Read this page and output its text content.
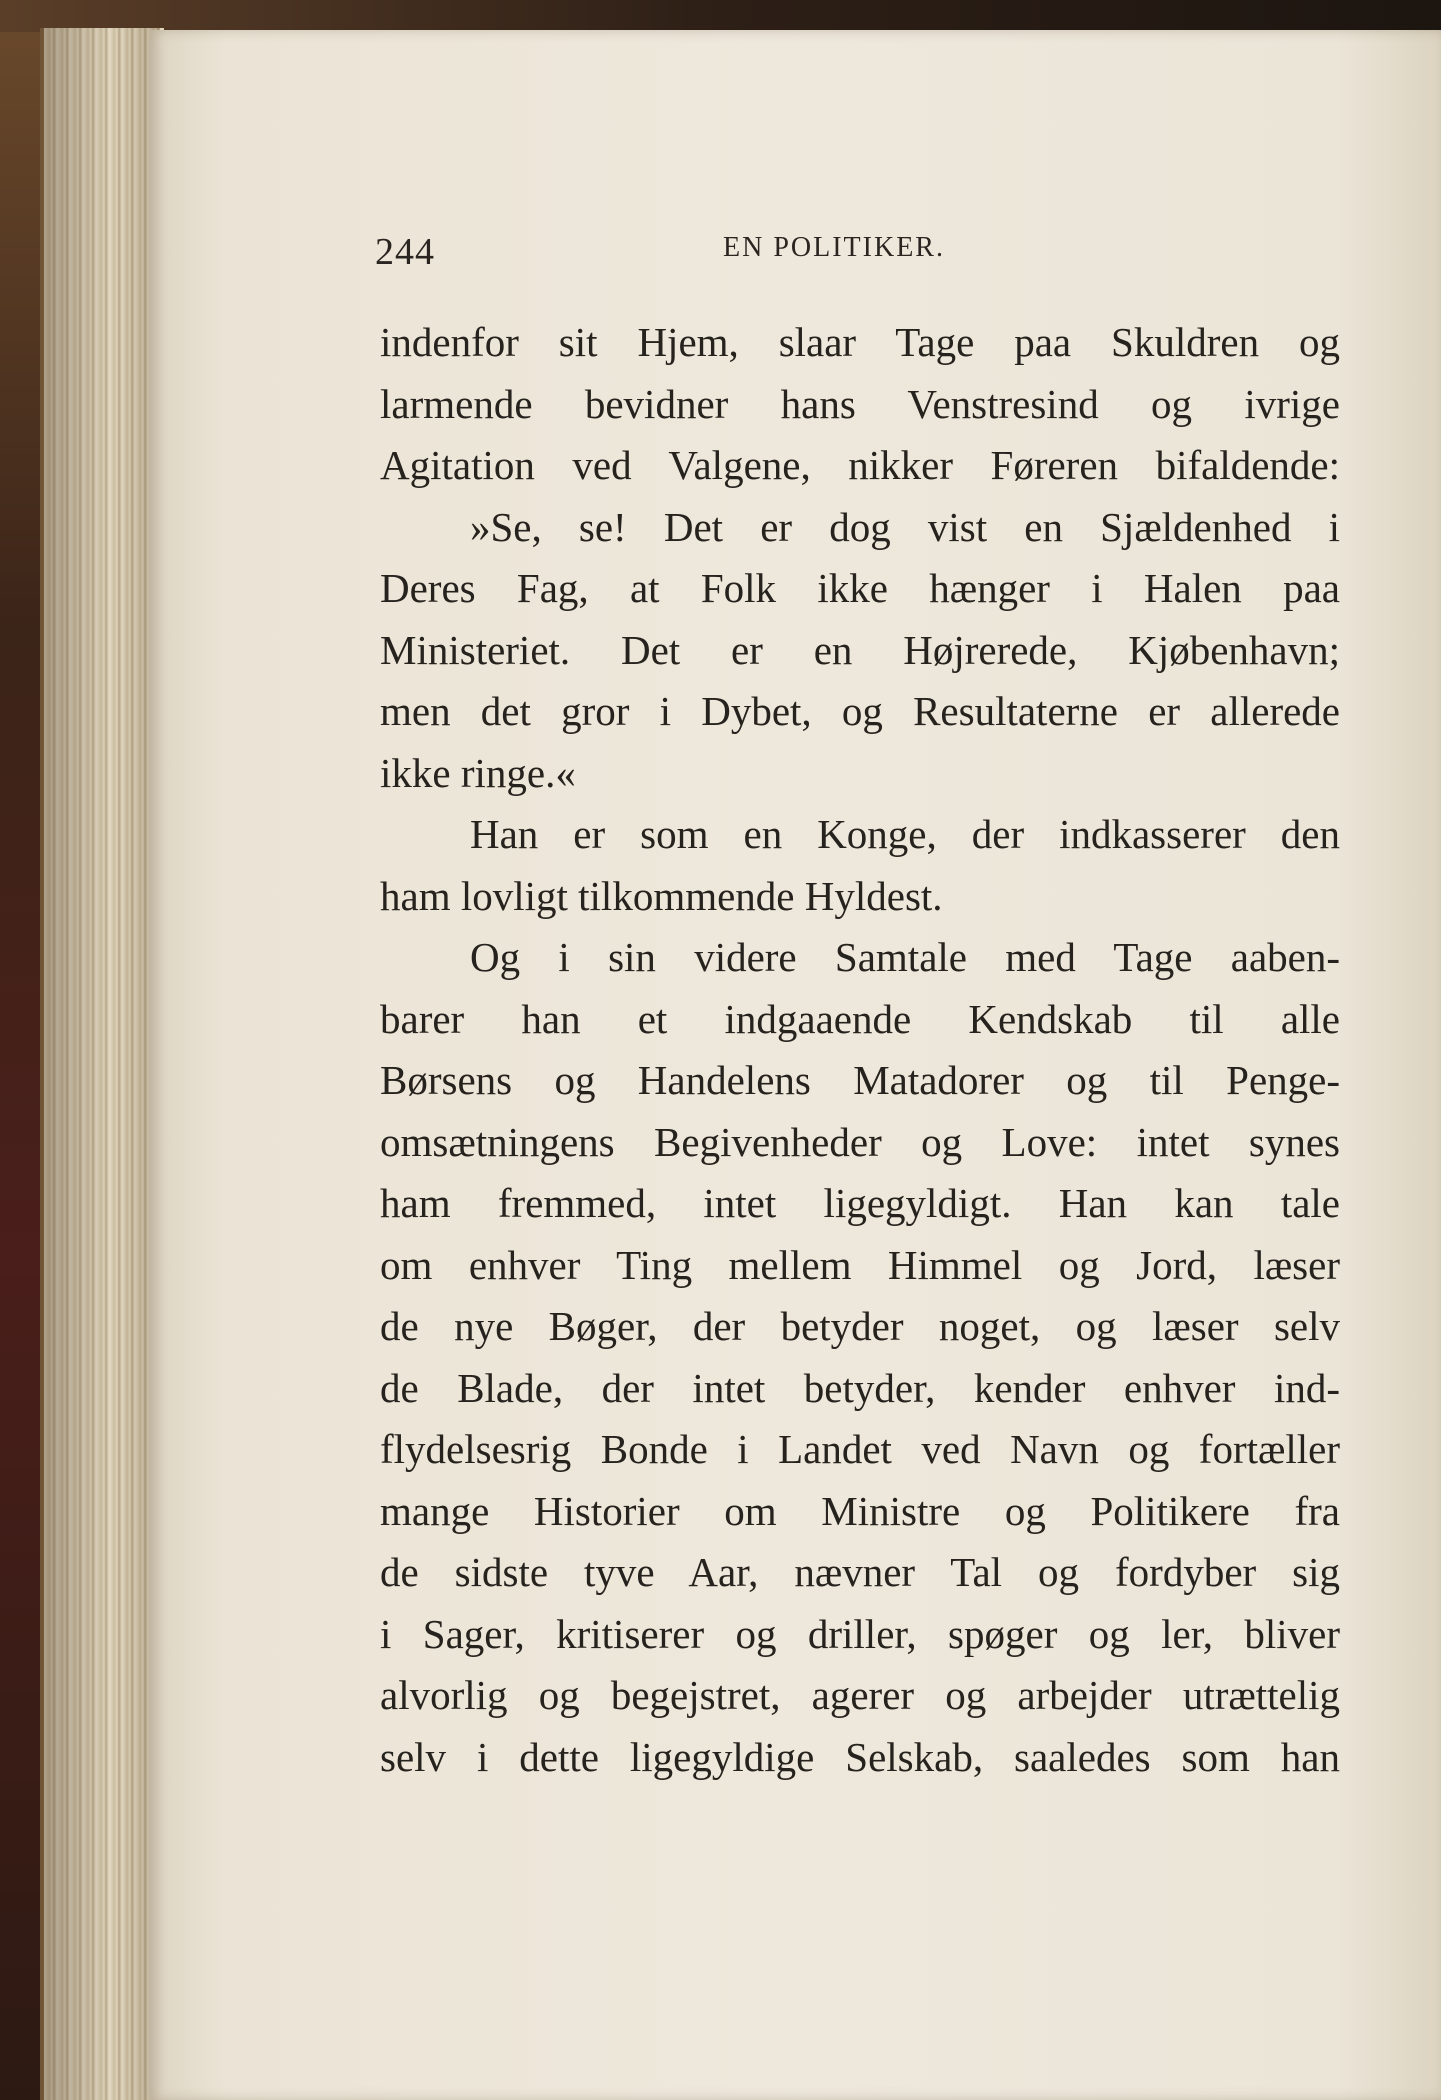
244	EN POLITIKER.
indenfor sit Hjem, slaar Tage paa Skuldren og
larmende bevidner hans Venstresind og ivrige
Agitation ved Valgene, nikker Føreren bifaldende:
»Se, se! Det er dog vist en Sjældenhed i
Deres Fag, at Folk ikke hænger i Halen paa
Ministeriet. Det er en Højrerede, Kjøbenhavn;
men det gror i Dybet, og Resultaterne er allerede
ikke ringe.«
Han er som en Konge, der indkasserer den
ham lovligt tilkommende Hyldest.
Og i sin videre Samtale med Tage aaben-
barer han et indgaaende Kendskab til alle
Børsens og Handelens Matadorer og til Penge-
omsætningens Begivenheder og Love: intet synes
ham fremmed, intet ligegyldigt. Han kan tale
om enhver Ting mellem Himmel og Jord, læser
de nye Bøger, der betyder noget, og læser selv
de Blade, der intet betyder, kender enhver ind-
flydelsesrig Bonde i Landet ved Navn og fortæller
mange Historier om Ministre og Politikere fra
de sidste tyve Aar, nævner Tal og fordyber sig
i Sager, kritiserer og driller, spøger og ler, bliver
alvorlig og begejstret, agerer og arbejder utrættelig
selv i dette ligegyldige Selskab, saaledes som han
